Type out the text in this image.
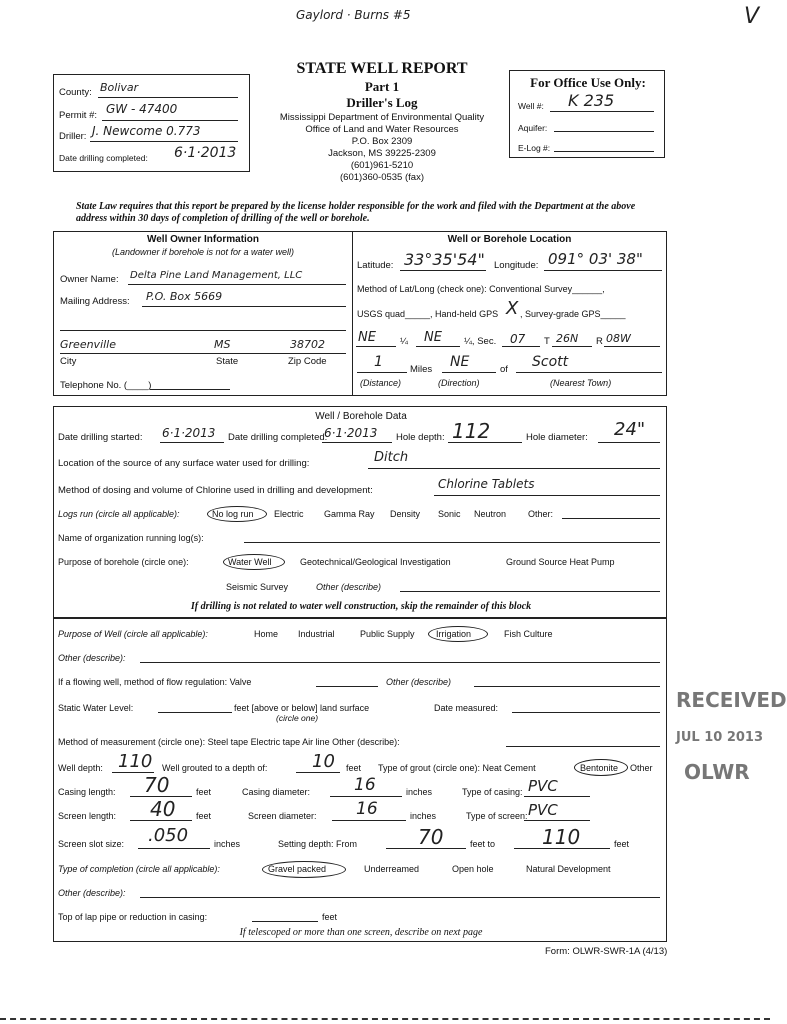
Gaylord · Burns #5	V
STATE WELL REPORT
Part 1
Driller's Log
Mississippi Department of Environmental Quality
Office of Land and Water Resources
P.O. Box 2309
Jackson, MS 39225-2309
(601)961-5210
(601)360-0535 (fax)
County: Bolivar
Permit #: GW - 47400
Driller: J. Newcome 0.773
Date drilling completed: 6·1·2013
For Office Use Only:
Well #: K 235
Aquifer:
E-Log #:
State Law requires that this report be prepared by the license holder responsible for the work and filed with the Department at the above address within 30 days of completion of drilling of the well or borehole.
Well Owner Information
(Landowner if borehole is not for a water well)
Owner Name: Delta Pine Land Management, LLC
Mailing Address: P.O. Box 5669
Greenville	MS	38702
City	State	Zip Code
Telephone No. (____)
Well or Borehole Location
Latitude: 33°35'54" Longitude: 091° 03' 38"
Method of Lat/Long (check one): Conventional Survey______,
USGS quad_____, Hand-held GPS X , Survey-grade GPS_____
NE	¼ NE ¼, Sec. 07 T 26N R 08W
1	Miles NE	of Scott
(Distance)	(Direction)	(Nearest Town)
Well / Borehole Data
Date drilling started: 6·1·2013 Date drilling completed:
6·1·2013 Hole depth: 112	Hole diameter: 24"
Location of the source of any surface water used for drilling:	Ditch
Method of dosing and volume of Chlorine used in drilling and development:	Chlorine Tablets
Logs run (circle all applicable):	No log run Electric Gamma Ray Density Sonic Neutron Other:
Name of organization running log(s):
Purpose of borehole (circle one):	Water Well	Geotechnical/Geological Investigation	Ground Source Heat Pump
Seismic Survey	Other (describe)
If drilling is not related to water well construction, skip the remainder of this block
Purpose of Well (circle all applicable):	Home Industrial	Public Supply Irrigation	Fish Culture
Other (describe):
If a flowing well, method of flow regulation: Valve	Other (describe)
Static Water Level:	feet [above or below] land surface
(circle one)
Date measured:
Method of measurement (circle one): Steel tape Electric tape Air line Other (describe):
Well depth: 110 Well grouted to a depth of: 10 feet Type of grout (circle one): Neat Cement	Bentonite Other
Casing length: 70	feet	Casing diameter:	16	inches	Type of casing: PVC
Screen length: 40 feet	Screen diameter: 16	inches	Type of screen: PVC
Screen slot size: .050	inches	Setting depth: From	70	feet to 110	feet
Type of completion (circle all applicable):	Gravel packed	Underreamed	Open hole	Natural Development
Other (describe):
Top of lap pipe or reduction in casing:	feet
If telescoped or more than one screen, describe on next page
RECEIVED
JUL 10 2013
OLWR
Form: OLWR-SWR-1A (4/13)
